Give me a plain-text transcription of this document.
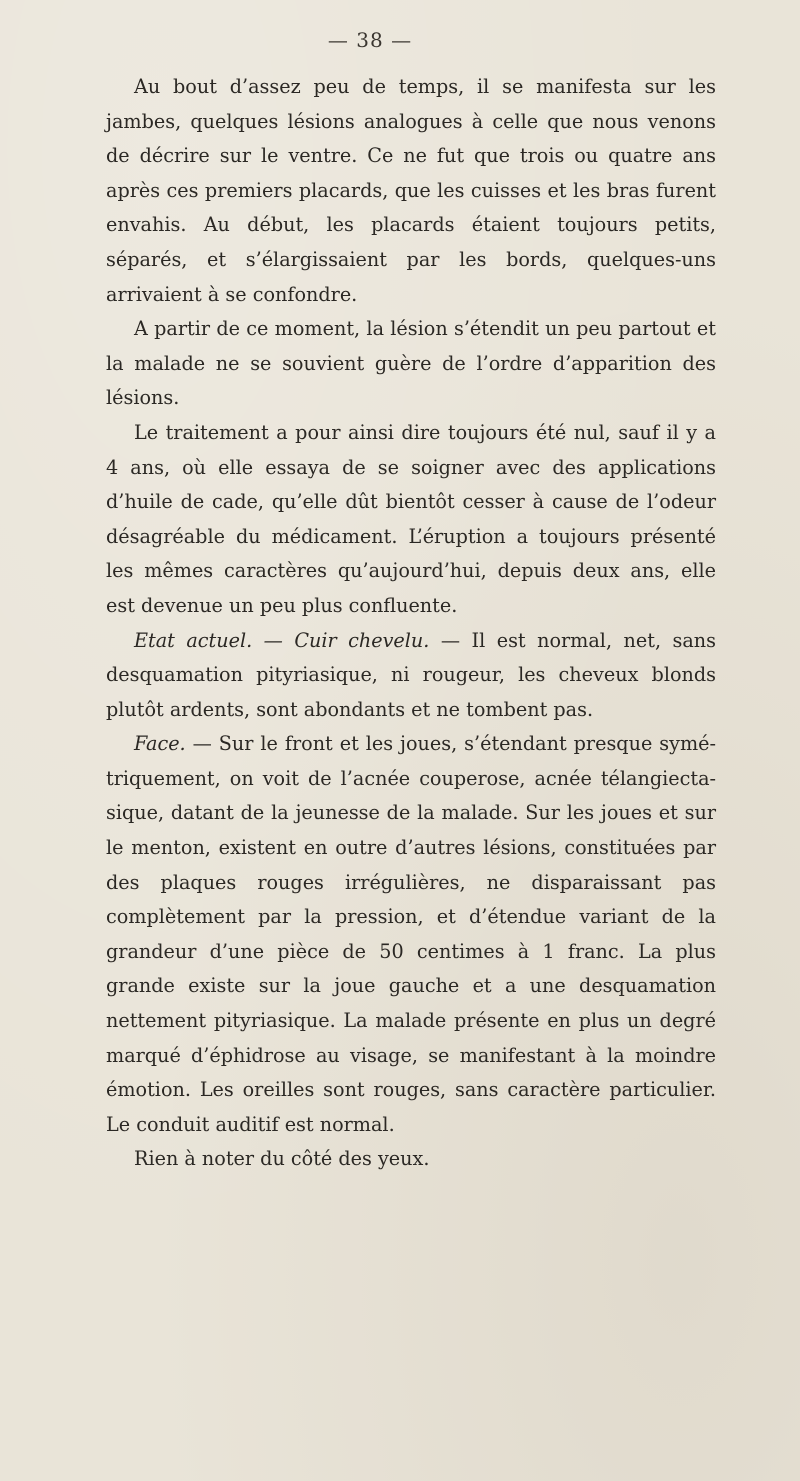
— 38 —

Au bout d’assez peu de temps, il se manifesta sur les jambes, quelques lésions analogues à celle que nous venons de décrire sur le ventre. Ce ne fut que trois ou quatre ans après ces premiers placards, que les cuisses et les bras furent envahis. Au début, les placards étaient toujours petits, séparés, et s’élargissaient par les bords, quelques-uns arrivaient à se confondre.

A partir de ce moment, la lésion s’étendit un peu partout et la malade ne se souvient guère de l’ordre d’apparition des lésions.

Le traitement a pour ainsi dire toujours été nul, sauf il y a 4 ans, où elle essaya de se soigner avec des applications d’huile de cade, qu’elle dût bientôt cesser à cause de l’odeur désagréable du médicament. L’éruption a toujours présenté les mêmes caractères qu’aujourd’hui, depuis deux ans, elle est devenue un peu plus confluente.

Etat actuel. — Cuir chevelu. — Il est normal, net, sans desquamation pityriasique, ni rougeur, les cheveux blonds plutôt ardents, sont abondants et ne tombent pas.

Face. — Sur le front et les joues, s’étendant presque symétriquement, on voit de l’acnée couperose, acnée télangiectasique, datant de la jeunesse de la malade. Sur les joues et sur le menton, existent en outre d’autres lésions, constituées par des plaques rouges irrégulières, ne disparaissant pas complètement par la pression, et d’étendue variant de la grandeur d’une pièce de 50 centimes à 1 franc. La plus grande existe sur la joue gauche et a une desquamation nettement pityriasique. La malade présente en plus un degré marqué d’éphidrose au visage, se manifestant à la moindre émotion. Les oreilles sont rouges, sans caractère particulier. Le conduit auditif est normal.

Rien à noter du côté des yeux.
